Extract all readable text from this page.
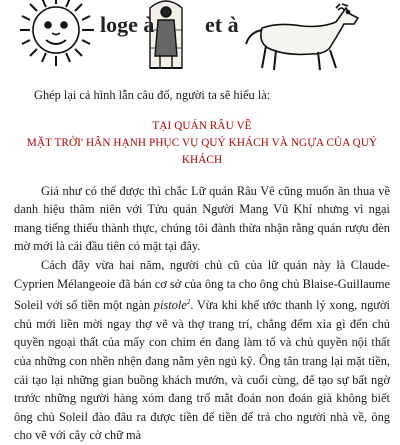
loge à et à

Ghép lại cả hình lẫn câu đố, người ta sẽ hiểu là:

TẠI QUÁN RÂU VỀ

MẶT TRỜI' HÂN HẠNH PHỤC VỤ QUÝ KHÁCH VÀ NGỰA CỦA QUÝ KHÁCH

Giá như có thể được thì chắc Lữ quán Râu Vê cũng muốn ăn thua về danh hiệu thâm niên với Tửu quán Người Mang Vũ Khí nhưng vì ngại mang tiếng thiếu thành thực, chúng tôi đành thừa nhận rằng quán rượu đèn mờ mới là cái đầu tiên có mặt tại đây.

Cách đây vừa hai năm, người chủ cũ của lữ quán này là Claude-Cyprien Mélangeoie đã bán cơ sở của ông ta cho ông chủ Blaise-Guillaume Soleil với số tiền một ngàn pistole$^2$. Vừa khi khế ước thanh lý xong, người chủ mới liền mời ngay thợ vẽ và thợ trang trí, chẳng đếm xỉa gì đến chủ quyền ngoại thất của mấy con chim én đang làm tổ và chủ quyền nội thất của những con nhền nhện đang nằm yên ngủ kỹ. Ông tân trang lại mặt tiền, cải tạo lại những gian buồng khách mướn, và cuối cùng, để tạo sự bất ngờ trước những người hàng xóm đang trố mắt đoán non đoán già không biết ông chủ Soleil đào đâu ra được tiền để tiền để trả cho người nhà về, ông cho vẽ với cây cờ chữ mà
